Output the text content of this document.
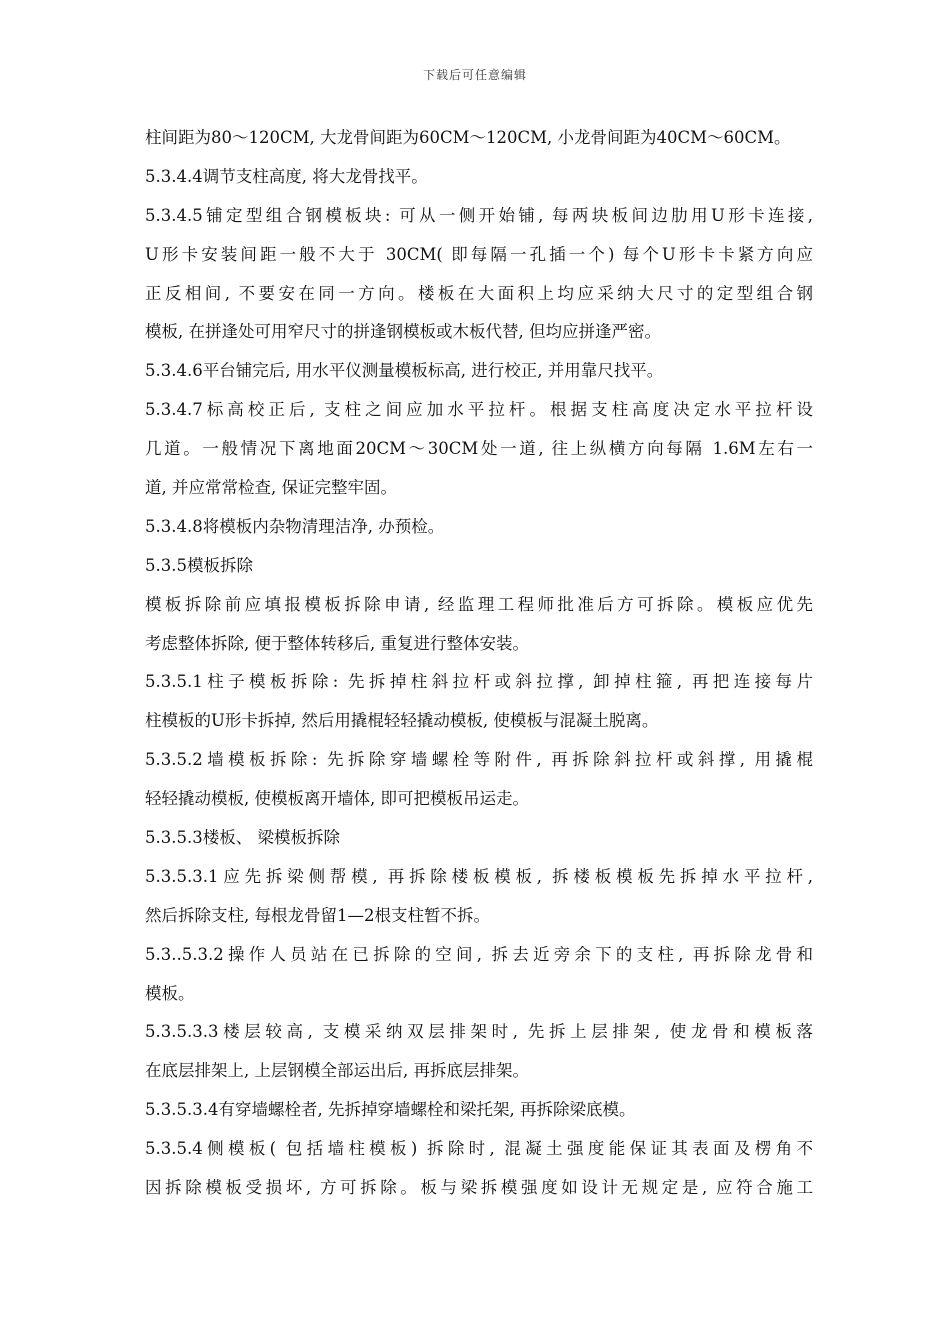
下载后可任意编辑
柱间距为80～120CM, 大龙骨间距为60CM～120CM, 小龙骨间距为40CM～60CM。
5.3.4.4调节支柱高度, 将大龙骨找平。
5.3.4.5铺定型组合钢模板块: 可从一侧开始铺, 每两块板间边肋用U形卡连接,
U形卡安装间距一般不大于 30CM( 即每隔一孔插一个) 每个U形卡卡紧方向应
正反相间, 不要安在同一方向。楼板在大面积上均应采纳大尺寸的定型组合钢
模板, 在拼逢处可用窄尺寸的拼逢钢模板或木板代替, 但均应拼逢严密。
5.3.4.6平台铺完后, 用水平仪测量模板标高, 进行校正, 并用靠尺找平。
5.3.4.7标高校正后, 支柱之间应加水平拉杆。根据支柱高度决定水平拉杆设
几道。一般情况下离地面20CM～30CM处一道, 往上纵横方向每隔 1.6M左右一
道, 并应常常检查, 保证完整牢固。
5.3.4.8将模板内杂物清理洁净, 办预检。
5.3.5模板拆除
模板拆除前应填报模板拆除申请, 经监理工程师批准后方可拆除。模板应优先
考虑整体拆除, 便于整体转移后, 重复进行整体安装。
5.3.5.1柱子模板拆除: 先拆掉柱斜拉杆或斜拉撑, 卸掉柱箍, 再把连接每片
柱模板的U形卡拆掉, 然后用撬棍轻轻撬动模板, 使模板与混凝土脱离。
5.3.5.2墙模板拆除: 先拆除穿墙螺栓等附件, 再拆除斜拉杆或斜撑, 用撬棍
轻轻撬动模板, 使模板离开墙体, 即可把模板吊运走。
5.3.5.3楼板、 梁模板拆除
5.3.5.3.1应先拆梁侧帮模, 再拆除楼板模板, 拆楼板模板先拆掉水平拉杆,
然后拆除支柱, 每根龙骨留1—2根支柱暂不拆。
5.3..5.3.2操作人员站在已拆除的空间, 拆去近旁余下的支柱, 再拆除龙骨和
模板。
5.3.5.3.3楼层较高, 支模采纳双层排架时, 先拆上层排架, 使龙骨和模板落
在底层排架上, 上层钢模全部运出后, 再拆底层排架。
5.3.5.3.4有穿墙螺栓者, 先拆掉穿墙螺栓和梁托架, 再拆除梁底模。
5.3.5.4侧模板( 包括墙柱模板) 拆除时, 混凝土强度能保证其表面及楞角不
因拆除模板受损坏, 方可拆除。板与梁拆模强度如设计无规定是, 应符合施工
